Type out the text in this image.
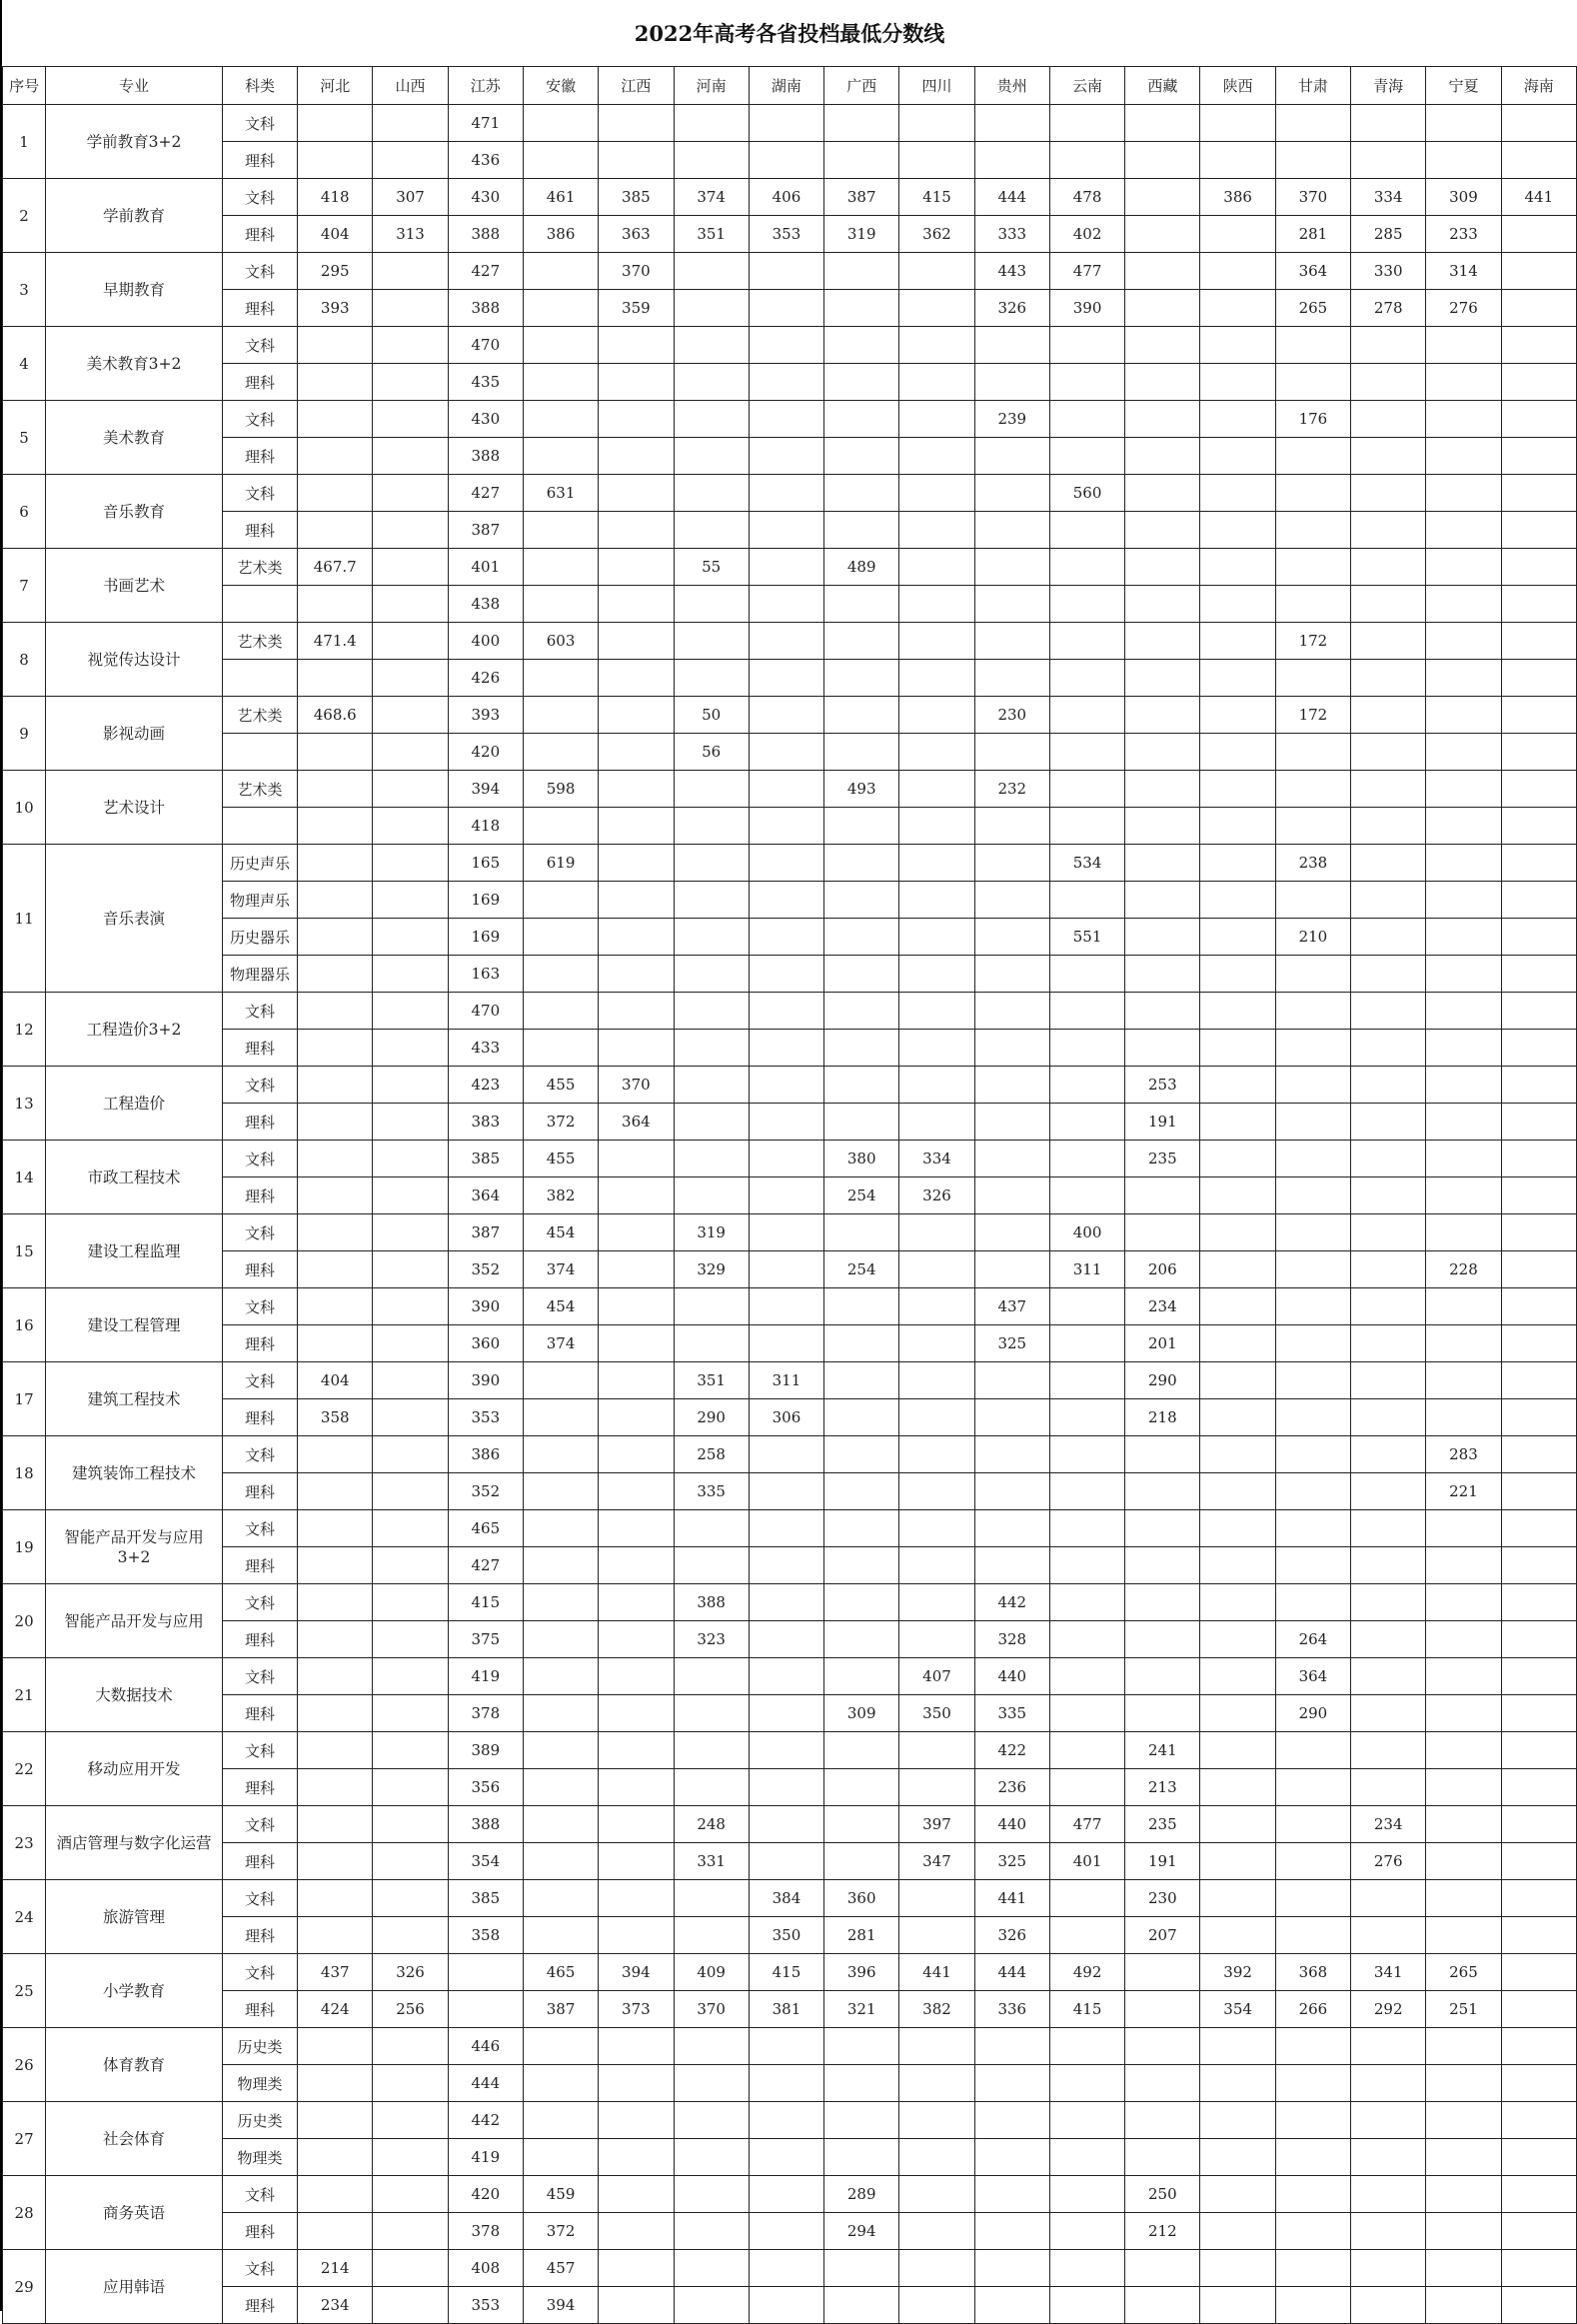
2022年高考各省投档最低分数线
序号	专业	科类	河北	山西	江苏	安徽	江西	河南	湖南	广西	四川	贵州	云南	西藏	陕西	甘肃	青海	宁夏	海南
1	学前教育3+2	文科			471														
		理科			436														
2	学前教育	文科	418	307	430	461	385	374	406	387	415	444	478		386	370	334	309	441
		理科	404	313	388	386	363	351	353	319	362	333	402			281	285	233	
3	早期教育	文科	295		427		370					443	477			364	330	314	
		理科	393		388		359					326	390			265	278	276	
4	美术教育3+2	文科			470														
		理科			435														
5	美术教育	文科			430							239				176			
		理科			388														
6	音乐教育	文科			427	631							560						
		理科			387														
7	书画艺术	艺术类	467.7		401			55		489									
					438														
8	视觉传达设计	艺术类	471.4		400	603										172			
					426														
9	影视动画	艺术类	468.6		393			50				230				172			
					420			56											
10	艺术设计	艺术类			394	598				493		232							
					418														
11	音乐表演	历史声乐			165	619							534			238			
		物理声乐			169														
		历史器乐			169								551			210			
		物理器乐			163														
12	工程造价3+2	文科			470														
		理科			433														
13	工程造价	文科			423	455	370							253					
		理科			383	372	364							191					
14	市政工程技术	文科			385	455				380	334			235					
		理科			364	382				254	326								
15	建设工程监理	文科			387	454		319					400						
		理科			352	374		329		254			311	206				228	
16	建设工程管理	文科			390	454						437		234					
		理科			360	374						325		201					
17	建筑工程技术	文科	404		390			351	311					290					
		理科	358		353			290	306					218					
18	建筑装饰工程技术	文科			386			258										283	
		理科			352			335										221	
19	智能产品开发与应用3+2	文科			465														
		理科			427														
20	智能产品开发与应用	文科			415			388				442							
		理科			375			323				328				264			
21	大数据技术	文科			419						407	440				364			
		理科			378					309	350	335				290			
22	移动应用开发	文科			389							422		241					
		理科			356							236		213					
23	酒店管理与数字化运营	文科			388			248			397	440	477	235			234		
		理科			354			331			347	325	401	191			276		
24	旅游管理	文科			385				384	360		441		230					
		理科			358				350	281		326		207					
25	小学教育	文科	437	326		465	394	409	415	396	441	444	492		392	368	341	265	
		理科	424	256		387	373	370	381	321	382	336	415		354	266	292	251	
26	体育教育	历史类			446														
		物理类			444														
27	社会体育	历史类			442														
		物理类			419														
28	商务英语	文科			420	459				289				250					
		理科			378	372				294				212					
29	应用韩语	文科	214		408	457													
		理科	234		353	394													
